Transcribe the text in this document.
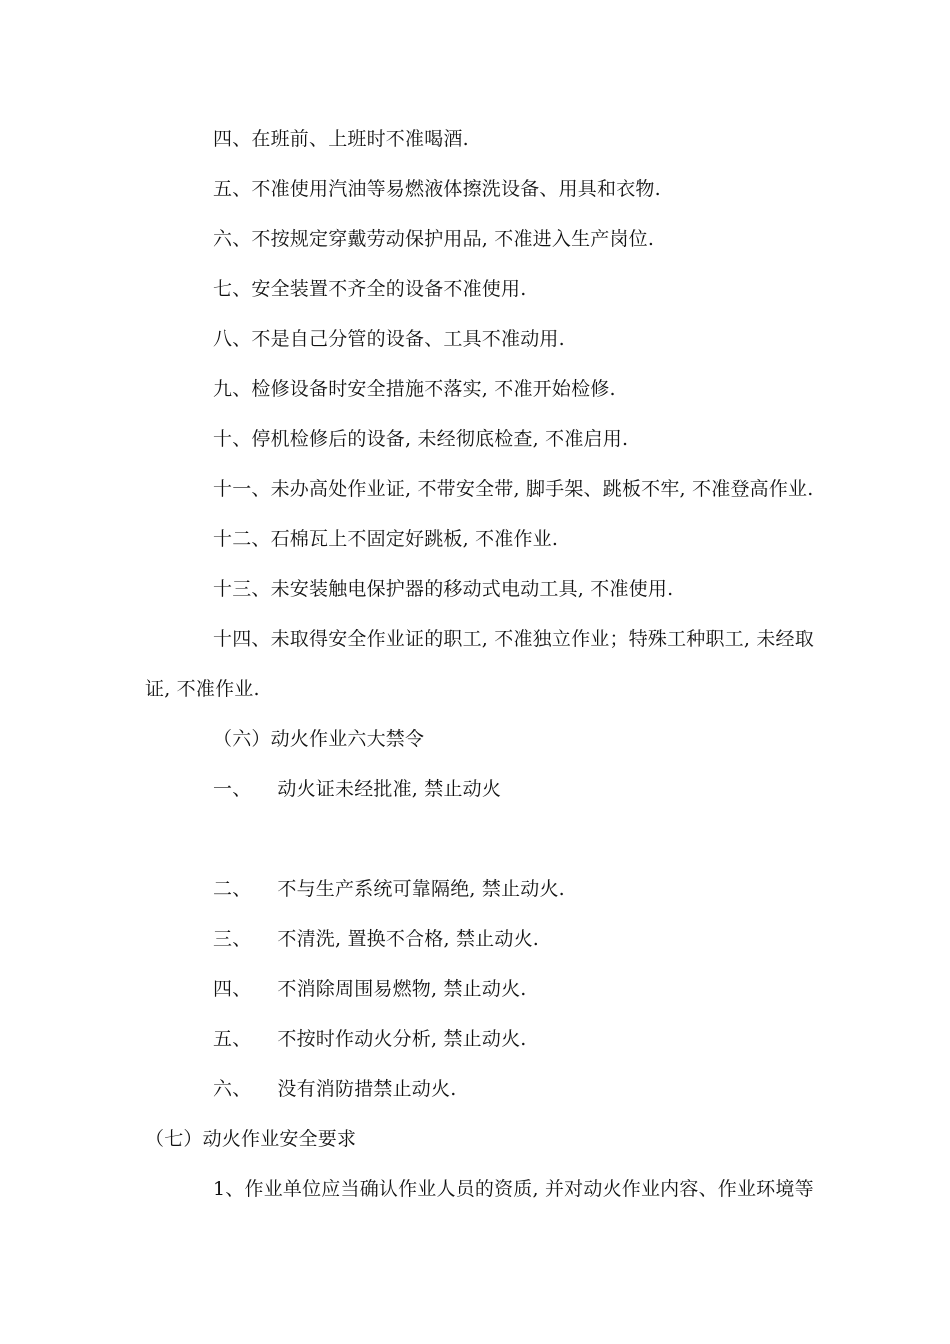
四、在班前、上班时不准喝酒.
五、不准使用汽油等易燃液体擦洗设备、用具和衣物.
六、不按规定穿戴劳动保护用品, 不准进入生产岗位.
七、安全装置不齐全的设备不准使用.
八、不是自己分管的设备、工具不准动用.
九、检修设备时安全措施不落实, 不准开始检修.
十、停机检修后的设备, 未经彻底检查, 不准启用.
十一、未办高处作业证, 不带安全带, 脚手架、跳板不牢, 不准登高作业.
十二、石棉瓦上不固定好跳板, 不准作业.
十三、未安装触电保护器的移动式电动工具, 不准使用.
十四、未取得安全作业证的职工, 不准独立作业；特殊工种职工, 未经取
证, 不准作业.
（六）动火作业六大禁令
一、 动火证未经批准, 禁止动火
二、 不与生产系统可靠隔绝, 禁止动火.
三、 不清洗, 置换不合格, 禁止动火.
四、 不消除周围易燃物, 禁止动火.
五、 不按时作动火分析, 禁止动火.
六、 没有消防措禁止动火.
（七）动火作业安全要求
1、作业单位应当确认作业人员的资质, 并对动火作业内容、作业环境等
